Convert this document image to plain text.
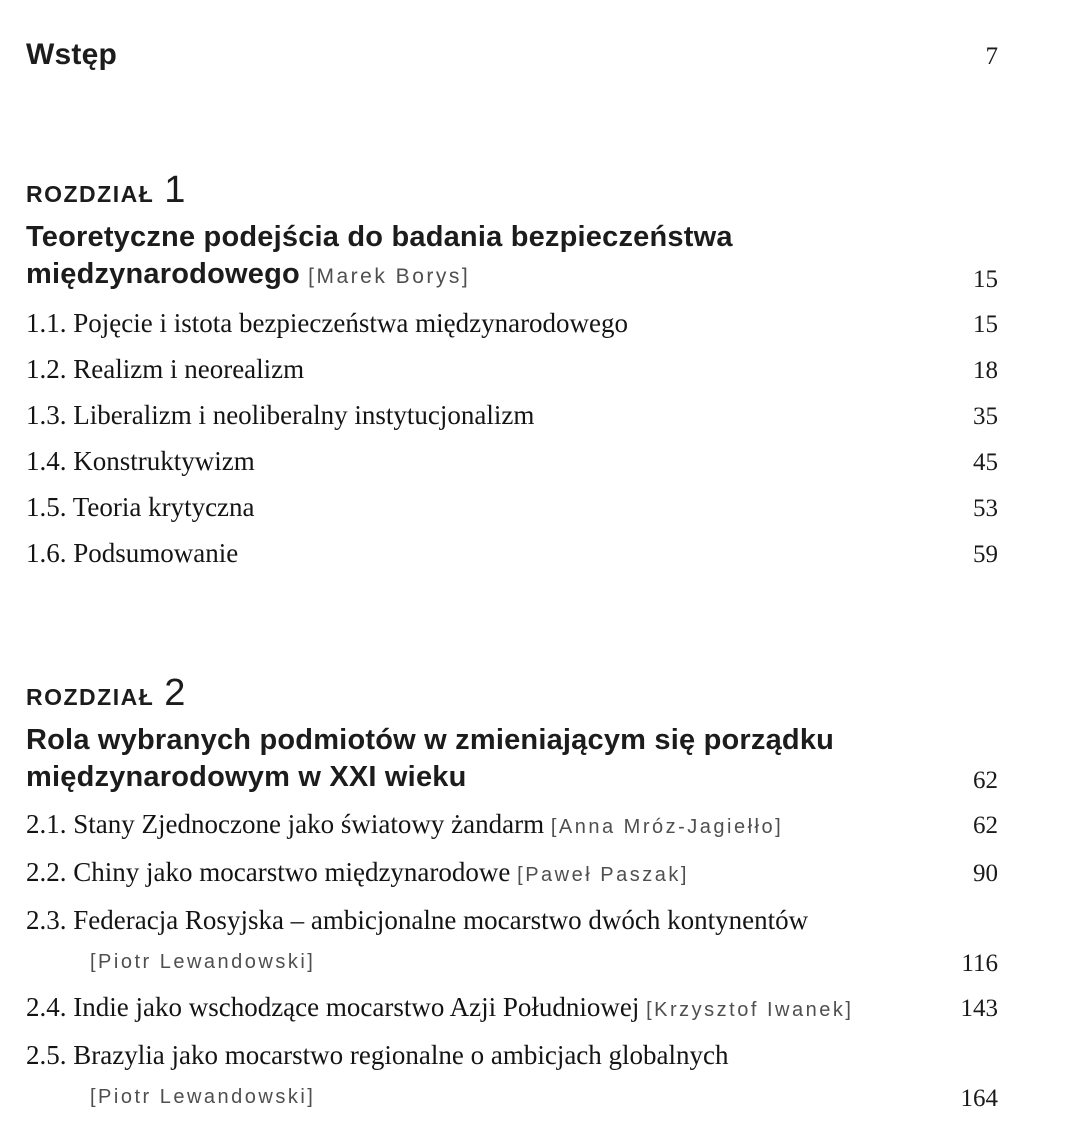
Wstęp	7
ROZDZIAŁ 1
Teoretyczne podejścia do badania bezpieczeństwa
międzynarodowego [Marek Borys]	15
1.1. Pojęcie i istota bezpieczeństwa międzynarodowego	15
1.2. Realizm i neorealizm	18
1.3. Liberalizm i neoliberalny instytucjonalizm	35
1.4. Konstruktywizm	45
1.5. Teoria krytyczna	53
1.6. Podsumowanie	59
ROZDZIAŁ 2
Rola wybranych podmiotów w zmieniającym się porządku
międzynarodowym w XXI wieku	62
2.1. Stany Zjednoczone jako światowy żandarm [Anna Mróz-Jagiełło]	62
2.2. Chiny jako mocarstwo międzynarodowe [Paweł Paszak]	90
2.3. Federacja Rosyjska – ambicjonalne mocarstwo dwóch kontynentów
[Piotr Lewandowski]	116
2.4. Indie jako wschodzące mocarstwo Azji Południowej [Krzysztof Iwanek]	143
2.5. Brazylia jako mocarstwo regionalne o ambicjach globalnych
[Piotr Lewandowski]	164
